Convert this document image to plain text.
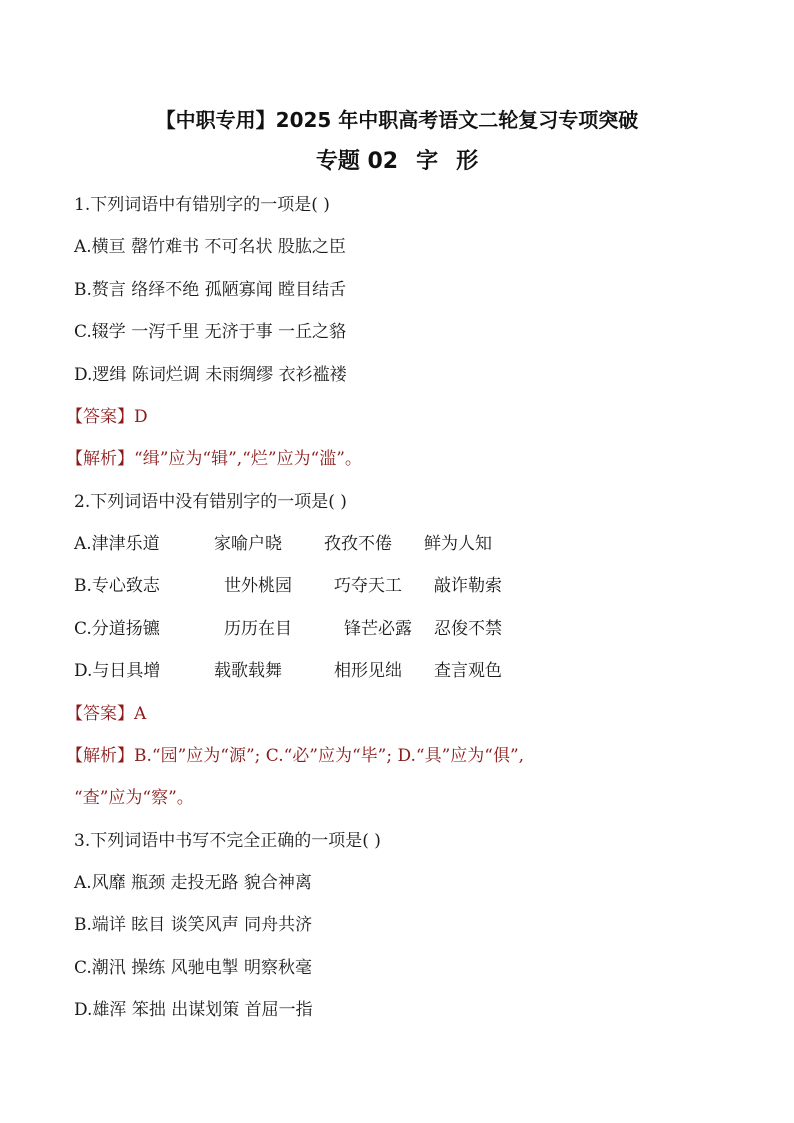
【中职专用】2025 年中职高考语文二轮复习专项突破
专题 02 字 形
1.下列词语中有错别字的一项是( )
A.横亘 罄竹难书 不可名状 股肱之臣
B.赘言 络绎不绝 孤陋寡闻 瞠目结舌
C.辍学 一泻千里 无济于事 一丘之貉
D.逻缉 陈词烂调 未雨绸缪 衣衫褴褛
【答案】D
【解析】“缉”应为“辑”,“烂”应为“滥”。
2.下列词语中没有错别字的一项是( )
A.津津乐道	家喻户晓 孜孜不倦 鲜为人知
B.专心致志	世外桃园 巧夺天工 敲诈勒索
C.分道扬镳	历历在目	锋芒必露 忍俊不禁
D.与日具增	载歌载舞	相形见绌 查言观色
【答案】A
【解析】B.“园”应为“源”; C.“必”应为“毕”; D.“具”应为“俱”,
“查”应为“察”。
3.下列词语中书写不完全正确的一项是( )
A.风靡 瓶颈 走投无路 貌合神离
B.端详 眩目 谈笑风声 同舟共济
C.潮汛 操练 风驰电掣 明察秋毫
D.雄浑 笨拙 出谋划策 首屈一指
